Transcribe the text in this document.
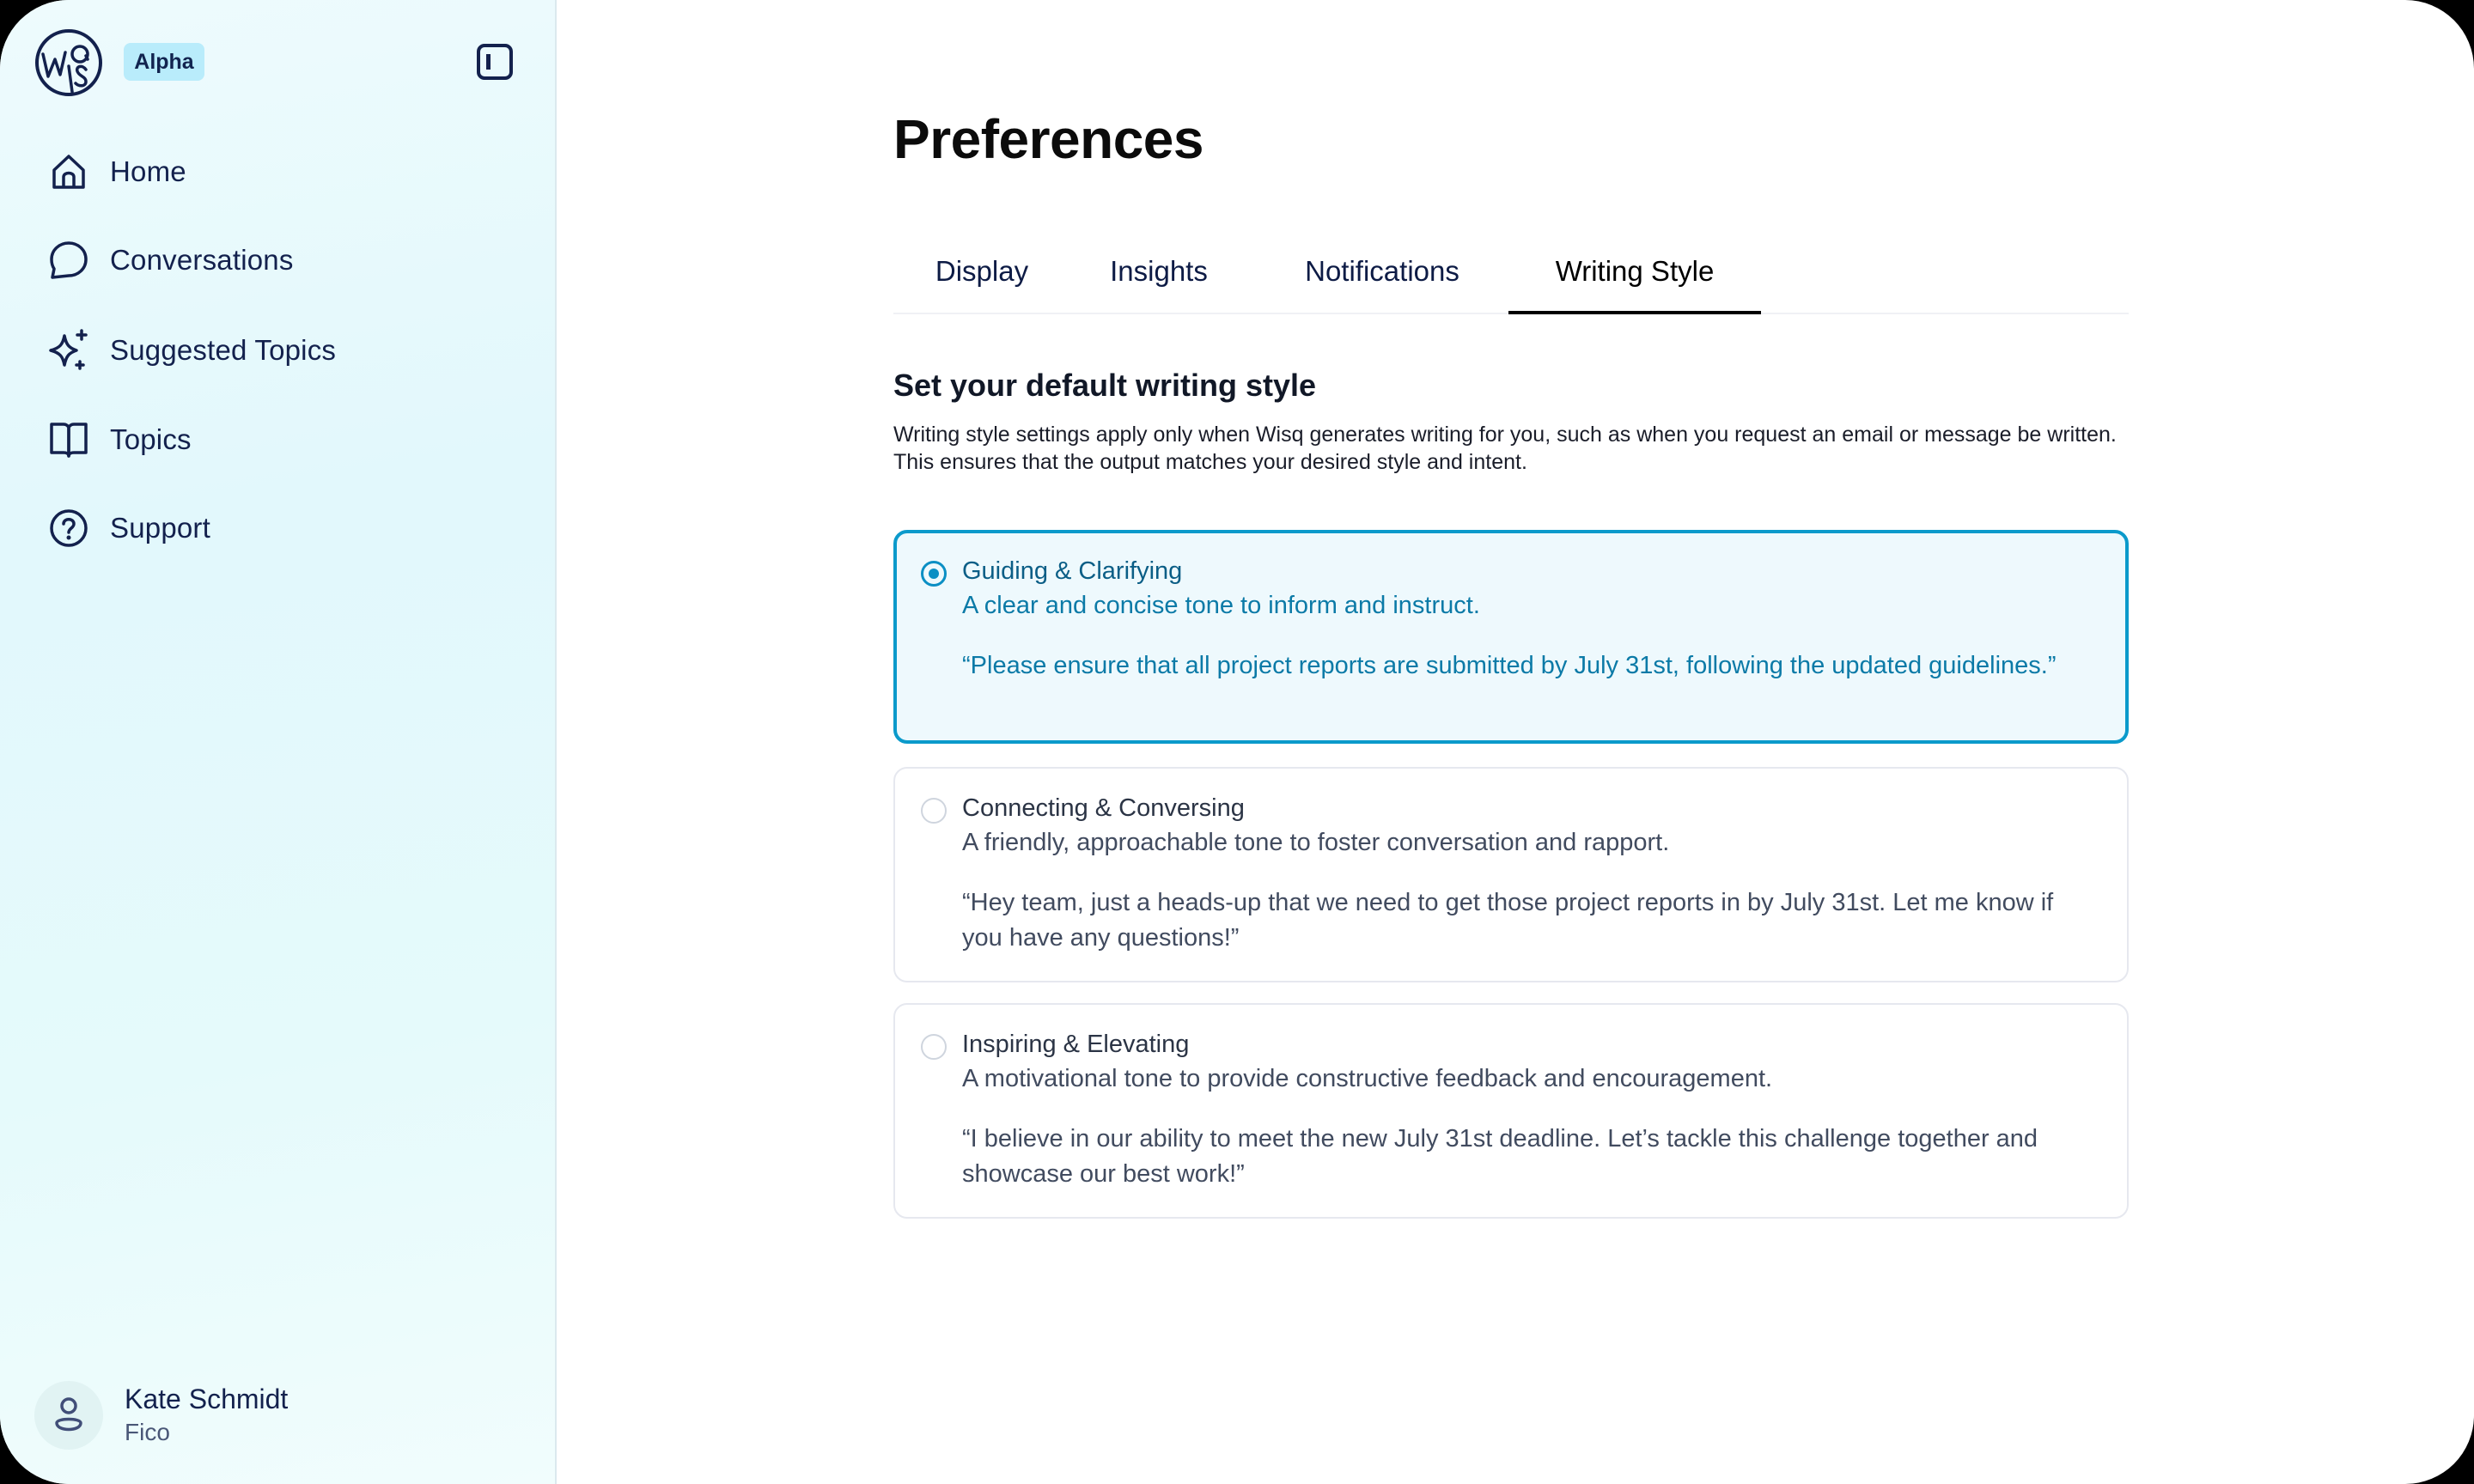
Alpha
Home
Conversations
Suggested Topics
Topics
Support
Kate Schmidt
Fico
Preferences
Display	Insights	Notifications	Writing Style
Set your default writing style

Writing style settings apply only when Wisq generates writing for you, such as when you request an email or message be written. This ensures that the output matches your desired style and intent.

Guiding & Clarifying
A clear and concise tone to inform and instruct.
“Please ensure that all project reports are submitted by July 31st, following the updated guidelines.”
Connecting & Conversing
A friendly, approachable tone to foster conversation and rapport.
“Hey team, just a heads-up that we need to get those project reports in by July 31st. Let me know if you have any questions!”
Inspiring & Elevating
A motivational tone to provide constructive feedback and encouragement.
“I believe in our ability to meet the new July 31st deadline. Let’s tackle this challenge together and showcase our best work!”
